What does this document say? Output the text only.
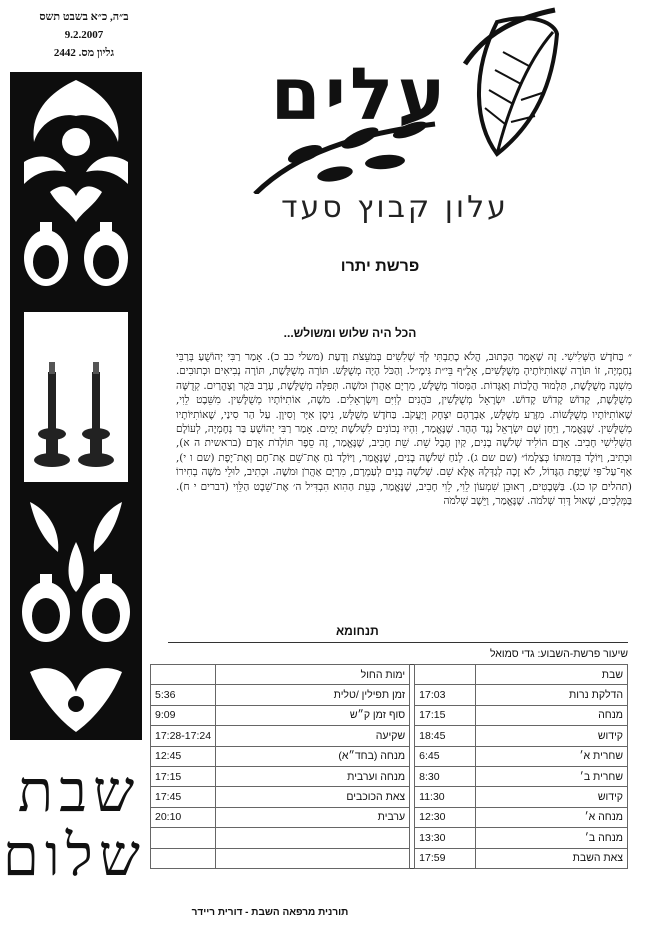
ב״ה, כ״א בשבט תשס
9.2.2007
גליון מס. 2442
שבת
שלום
עלים
עלון קבוץ סעד
פרשת יתרו
הכל היה שלוש ומשולש...
״ בַּחֹדֶשׁ הַשְּׁלִישִׁי. זֶה שֶׁאָמַר הַכָּתוּב, הֲלֹא כָתַבְתִּי לְךָ שָׁלִשִׁים בְּמֹעֵצֹת וָדָעַת (משלי כב כ). אָמַר רַבִּי יְהוֹשֻׁעַ בְּרַבִּי נְחֶמְיָה, זוֹ תּוֹרָה שֶׁאוֹתִיּוֹתֶיהָ מְשֻׁלָּשִׁים, אָלֶ״ף בֵּי״ת גִּימֶ״ל. וְהַכֹּל הָיָה מְשֻׁלָּשׁ. תּוֹרָה מְשֻׁלֶּשֶׁת, תּוֹרָה נְבִיאִים וּכְתוּבִים. מִשְׁנָה מְשֻׁלֶּשֶׁת, תַּלְמוּד הֲלָכוֹת וְאַגָּדוֹת. הַמְּסוֹר מְשֻׁלָּשׁ, מִרְיָם אַהֲרֹן וּמֹשֶׁה. תְּפִלָּה מְשֻׁלֶּשֶׁת, עֶרֶב בֹּקֶר וְצָהֳרַיִם. קְדֻשָּׁה מְשֻׁלֶּשֶׁת, קָדוֹשׁ קָדוֹשׁ קָדוֹשׁ. יִשְׂרָאֵל מְשֻׁלָּשִׁין, כֹּהֲנִים לְוִיִּם וְיִשְׂרְאֵלִים. מֹשֶׁה, אוֹתִיּוֹתָיו מְשֻׁלָּשִׁין. מִשֵּׁבֶט לֵוִי, שֶׁאוֹתִיּוֹתָיו מְשֻׁלָּשׁוֹת. מִזֶּרַע מְשֻׁלָּשׁ, אַבְרָהָם יִצְחָק וְיַעֲקֹב. בַּחֹדֶשׁ מְשֻׁלָּשׁ, נִיסָן אִיָּר וְסִיוָן. עַל הַר סִינַי, שֶׁאוֹתִיּוֹתָיו מְשֻׁלָּשִׁין. שֶׁנֶּאֱמַר, וַיִּחַן שָׁם יִשְׂרָאֵל נֶגֶד הָהָר. שֶׁנֶּאֱמַר, וִהְיוּ נְכוֹנִים לִשְׁלֹשֶׁת יָמִים. אָמַר רַבִּי יְהוֹשֻׁעַ בַּר נְחֶמְיָה, לְעוֹלָם הַשְּׁלִישִׁי חָבִיב. אָדָם הוֹלִיד שְׁלֹשָׁה בָנִים, קַיִן הֶבֶל שֵׁת. שֵׁת חָבִיב, שֶׁנֶּאֱמַר, זֶה סֵפֶר תּוֹלְדֹת אָדָם (בראשית ה א), וּכְתִיב, וַיּוֹלֶד בִּדְמוּתוֹ כְּצַלְמוֹ״ (שם שם ג). לְנֹחַ שְׁלֹשָׁה בָנִים, שֶׁנֶּאֱמַר, וַיּוֹלֶד נֹחַ אֶת־שֵׁם אֶת־חָם וְאֶת־יָפֶת (שם ו י), אַף־עַל־פִּי שֶׁיֶּפֶת הַגָּדוֹל, לֹא זָכָה לְגַדְּלָהּ אֶלָּא שֵׁם. שְׁלֹשָׁה בָנִים לְעַמְרָם, מִרְיָם אַהֲרֹן וּמֹשֶׁה. וּכְתִיב, לוּלֵי מֹשֶׁה בְחִירוֹ (תהלים קו כג). בַּשְּׁבָטִים, רְאוּבֵן שִׁמְעוֹן לֵוִי, לֵוִי חָבִיב, שֶׁנֶּאֱמַר, בָּעֵת הַהִוא הִבְדִּיל ה׳ אֶת־שֵׁבֶט הַלֵּוִי (דברים י ח). בַּמְּלָכִים, שָׁאוּל דָּוִד שְׁלֹמֹה. שֶׁנֶּאֱמַר, וַיֵּשֶׁב שְׁלֹמֹה
תנחומא
שיעור פרשת-השבוע: גדי סמואל
שבת			ימות החול	
הדלקת נרות	17:03		זמן תפילין /טלית	5:36
מנחה	17:15		סוף זמן ק״ש	9:09
קידוש	18:45		שקיעה	17:28-17:24
שחרית א׳	6:45		מנחה (בחד״א)	12:45
שחרית ב׳	8:30		מנחה וערבית	17:15
קידוש	11:30		צאת הכוכבים	17:45
מנחה א׳	12:30		ערבית	20:10
מנחה ב׳	13:30			
צאת השבת	17:59			
תורנית מרפאה השבת - דורית ריידר
